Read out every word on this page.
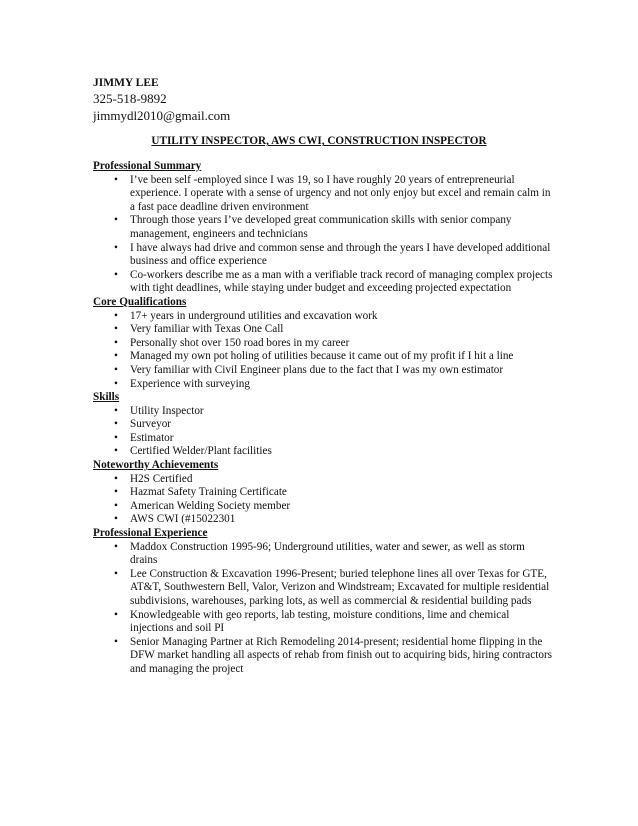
JIMMY LEE

325-518-9892
jimmydl2010@gmail.com
UTILITY INSPECTOR, AWS CWI, CONSTRUCTION INSPECTOR

Professional Summary

• I’ve been self -employed since I was 19, so I have roughly 20 years of entrepreneurial experience. I operate with a sense of urgency and not only enjoy but excel and remain calm in a fast pace deadline driven environment
• Through those years I’ve developed great communication skills with senior company management, engineers and technicians
• I have always had drive and common sense and through the years I have developed additional business and office experience
• Co-workers describe me as a man with a verifiable track record of managing complex projects with tight deadlines, while staying under budget and exceeding projected expectation

Core Qualifications

• 17+ years in underground utilities and excavation work
• Very familiar with Texas One Call
• Personally shot over 150 road bores in my career
• Managed my own pot holing of utilities because it came out of my profit if I hit a line
• Very familiar with Civil Engineer plans due to the fact that I was my own estimator
• Experience with surveying

Skills

• Utility Inspector
• Surveyor
• Estimator
• Certified Welder/Plant facilities

Noteworthy Achievements

• H2S Certified
• Hazmat Safety Training Certificate
• American Welding Society member
• AWS CWI (#15022301

Professional Experience

• Maddox Construction 1995-96; Underground utilities, water and sewer, as well as storm drains
• Lee Construction & Excavation 1996-Present; buried telephone lines all over Texas for GTE, AT&T, Southwestern Bell, Valor, Verizon and Windstream; Excavated for multiple residential subdivisions, warehouses, parking lots, as well as commercial & residential building pads
• Knowledgeable with geo reports, lab testing, moisture conditions, lime and chemical injections and soil PI
• Senior Managing Partner at Rich Remodeling 2014-present; residential home flipping in the DFW market handling all aspects of rehab from finish out to acquiring bids, hiring contractors and managing the project
